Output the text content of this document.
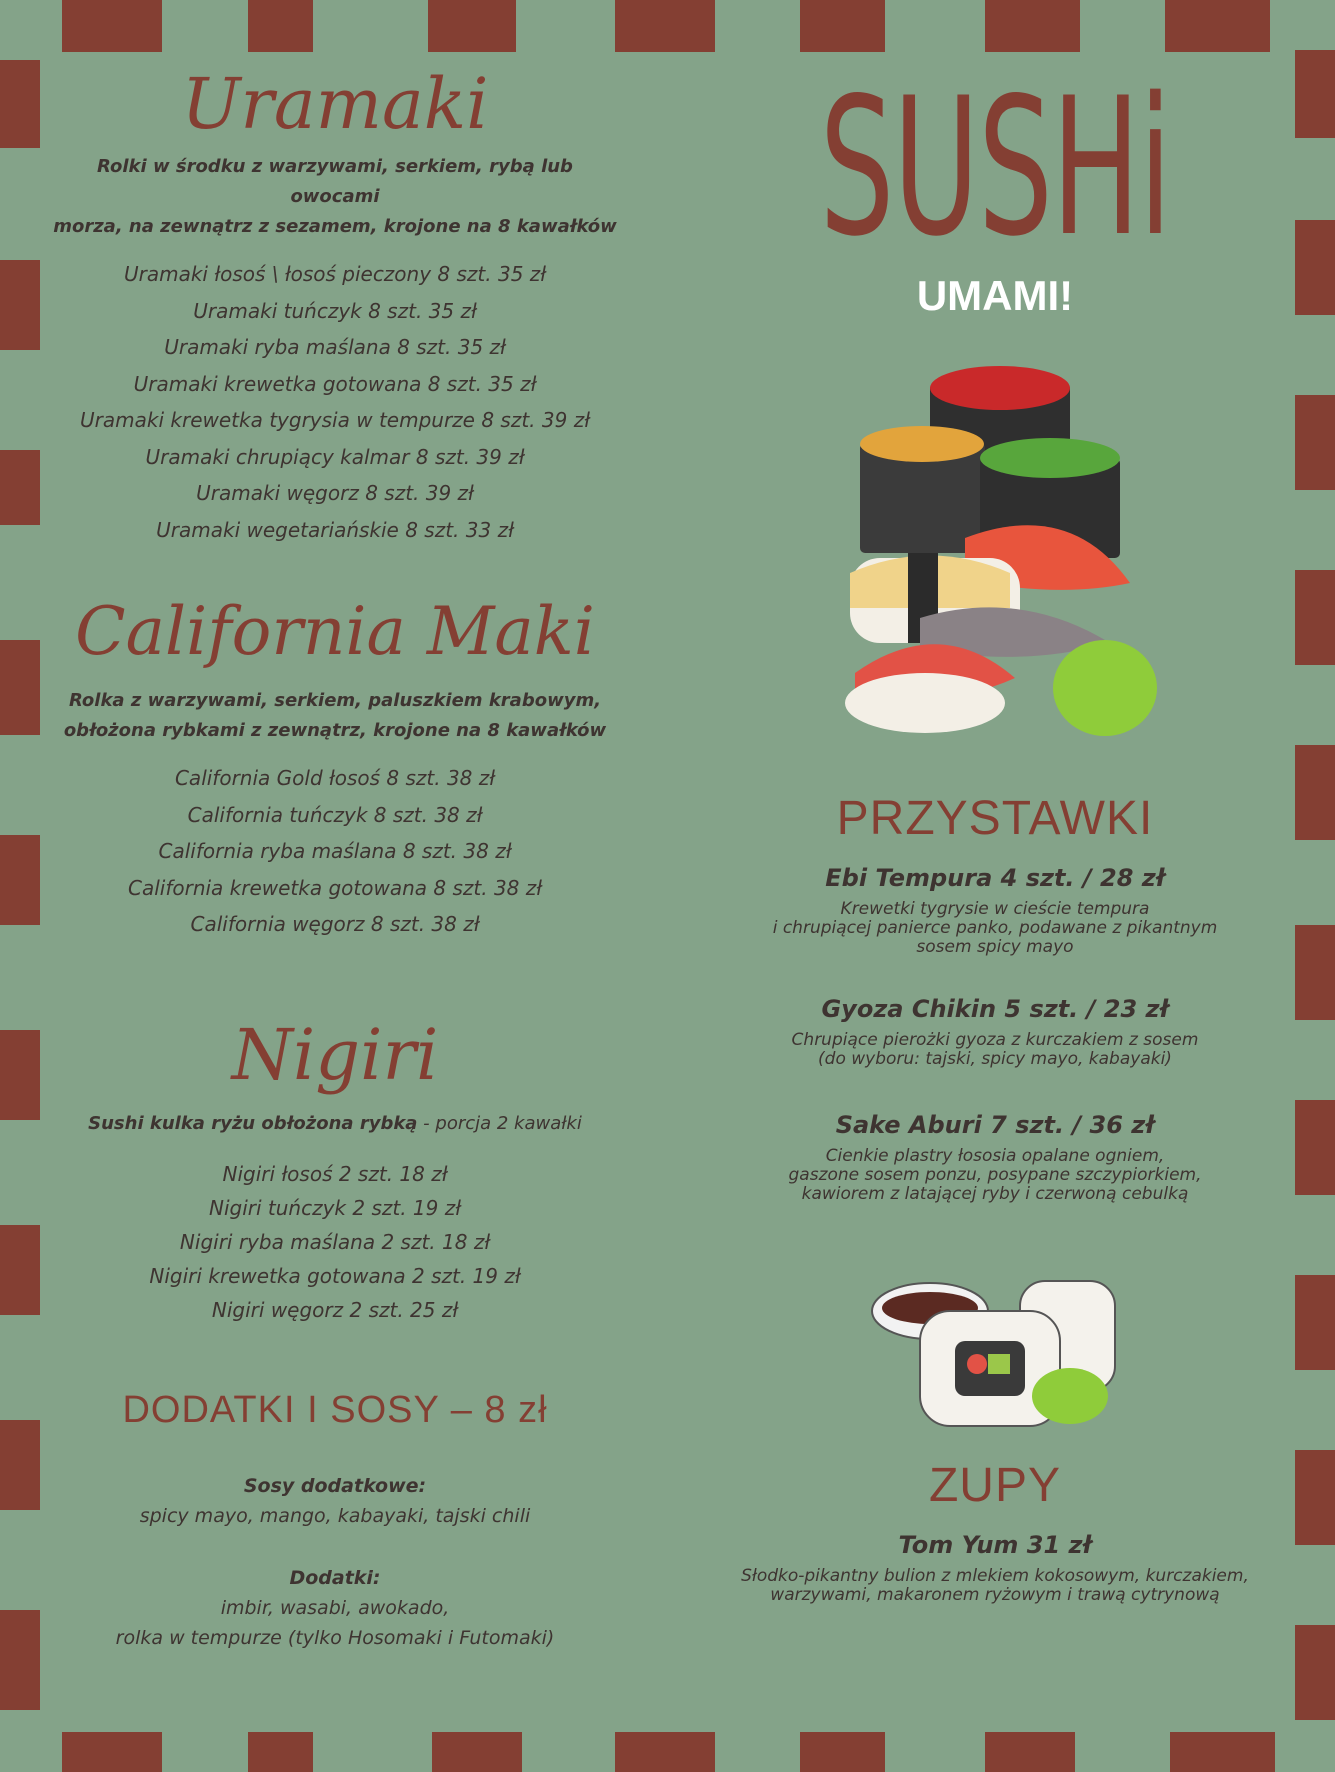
Uramaki

Rolki w środku z warzywami, serkiem, rybą lub owocami

morza, na zewnątrz z sezamem, krojone na 8 kawałków

Uramaki łosoś \ łosoś pieczony 8 szt. 35 zł
Uramaki tuńczyk 8 szt. 35 zł
Uramaki ryba maślana 8 szt. 35 zł
Uramaki krewetka gotowana 8 szt. 35 zł
Uramaki krewetka tygrysia w tempurze 8 szt. 39 zł
Uramaki chrupiący kalmar 8 szt. 39 zł
Uramaki węgorz 8 szt. 39 zł
Uramaki wegetariańskie 8 szt. 33 zł
California Maki

Rolka z warzywami, serkiem, paluszkiem krabowym,

obłożona rybkami z zewnątrz, krojone na 8 kawałków

California Gold łosoś 8 szt. 38 zł
California tuńczyk 8 szt. 38 zł
California ryba maślana 8 szt. 38 zł
California krewetka gotowana 8 szt. 38 zł
California węgorz 8 szt. 38 zł
Nigiri

Sushi kulka ryżu obłożona rybką - porcja 2 kawałki

Nigiri łosoś 2 szt. 18 zł
Nigiri tuńczyk 2 szt. 19 zł
Nigiri ryba maślana 2 szt. 18 zł
Nigiri krewetka gotowana 2 szt. 19 zł
Nigiri węgorz 2 szt. 25 zł
DODATKI I SOSY – 8 zł

Sosy dodatkowe:

spicy mayo, mango, kabayaki, tajski chili

Dodatki:

imbir, wasabi, awokado,

rolka w tempurze (tylko Hosomaki i Futomaki)

SUSHi
UMAMI!
PRZYSTAWKI

Ebi Tempura 4 szt. / 28 zł

Krewetki tygrysie w cieście tempura

i chrupiącej panierce panko, podawane z pikantnym

sosem spicy mayo

Gyoza Chikin 5 szt. / 23 zł

Chrupiące pierożki gyoza z kurczakiem z sosem

(do wyboru: tajski, spicy mayo, kabayaki)

Sake Aburi 7 szt. / 36 zł

Cienkie plastry łososia opalane ogniem,

gaszone sosem ponzu, posypane szczypiorkiem,

kawiorem z latającej ryby i czerwoną cebulką

ZUPY

Tom Yum 31 zł

Słodko-pikantny bulion z mlekiem kokosowym, kurczakiem,

warzywami, makaronem ryżowym i trawą cytrynową
